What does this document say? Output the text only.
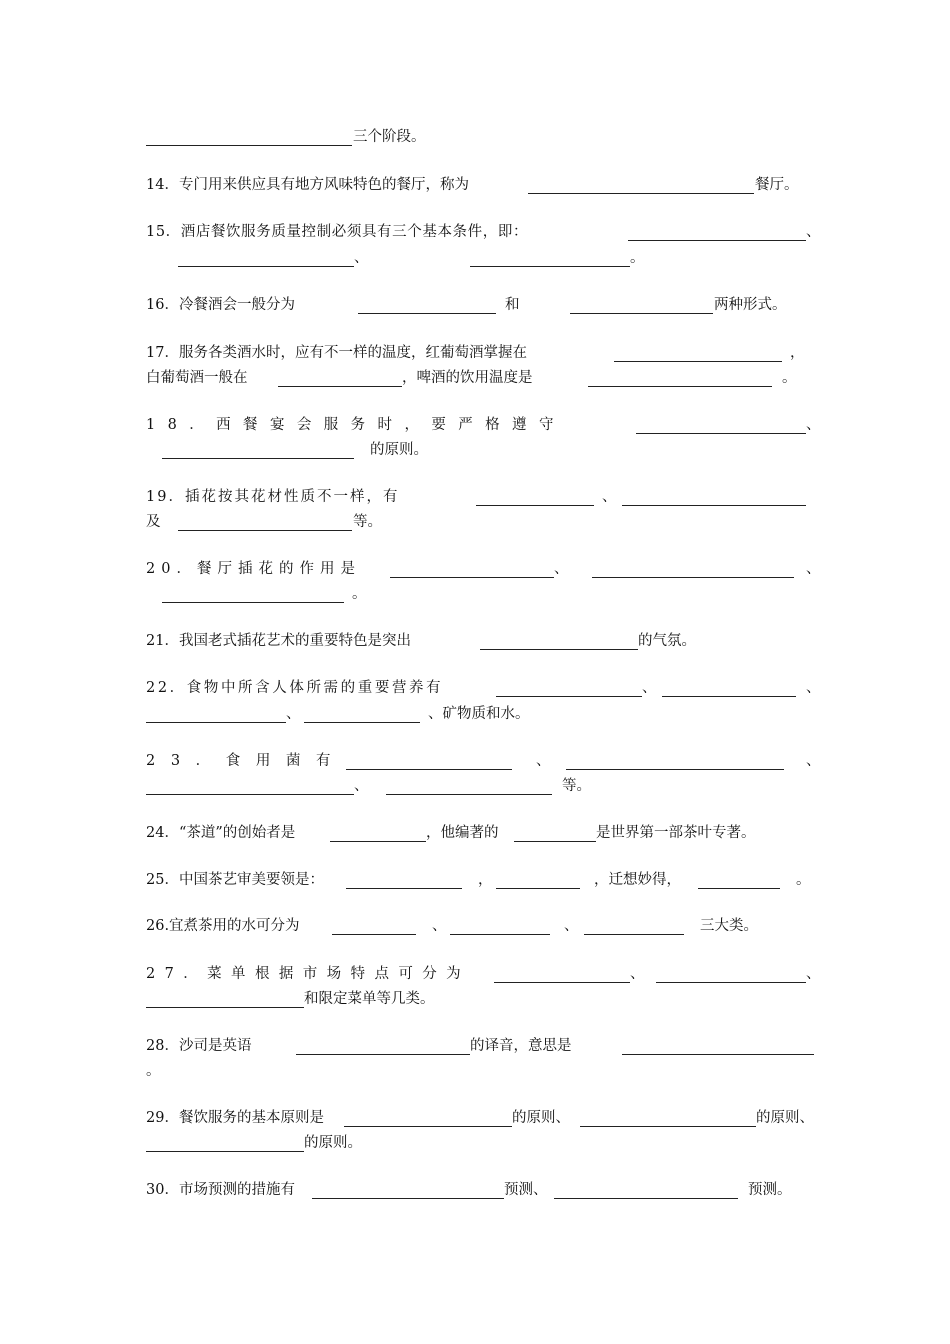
三个阶段。
14．专门用来供应具有地方风味特色的餐厅，称为	餐厅。
15．酒店餐饮服务质量控制必须具有三个基本条件，即：	、
、	。
16．冷餐酒会一般分为	和	两种形式。
17．服务各类酒水时，应有不一样的温度，红葡萄酒掌握在	，
白葡萄酒一般在	，啤酒的饮用温度是	。
18．西餐宴会服务时，要严格遵守	、
的原则。
19．插花按其花材性质不一样，有	、
及	等。
20．餐厅插花的作用是	、	、
。
21．我国老式插花艺术的重要特色是突出	的气氛。
22．食物中所含人体所需的重要营养有	、	、
、	、矿物质和水。
23．食用菌有	、	、
、	等。
24．“茶道”的创始者是	，他编著的	是世界第一部茶叶专著。
25．中国茶艺审美要领是：	，	，迁想妙得，	。
26.宜煮茶用的水可分为	、	、	三大类。
27．菜单根据市场特点可分为	、	、
和限定菜单等几类。
28．沙司是英语	的译音，意思是
。
29．餐饮服务的基本原则是	的原则、	的原则、
的原则。
30．市场预测的措施有	预测、	预测。
